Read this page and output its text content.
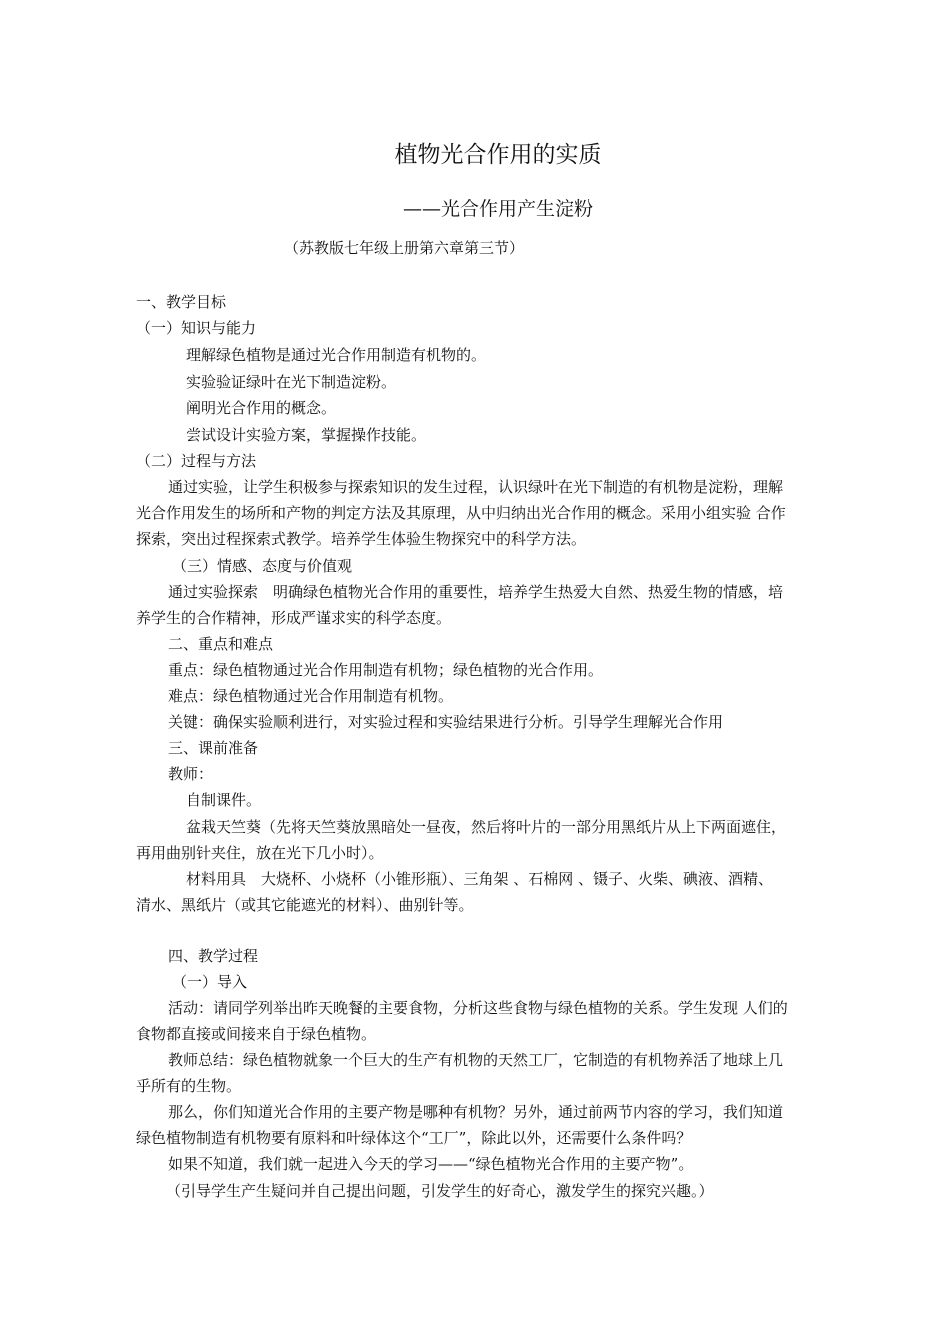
植物光合作用的实质
——光合作用产生淀粉
（苏教版七年级上册第六章第三节）
一、教学目标
（一）知识与能力
理解绿色植物是通过光合作用制造有机物的。
实验验证绿叶在光下制造淀粉。
阐明光合作用的概念。
尝试设计实验方案，掌握操作技能。
（二）过程与方法
通过实验，让学生积极参与探索知识的发生过程，认识绿叶在光下制造的有机物是淀粉，理解
光合作用发生的场所和产物的判定方法及其原理，从中归纳出光合作用的概念。采用小组实验 合作
探索，突出过程探索式教学。培养学生体验生物探究中的科学方法。
（三）情感、态度与价值观
通过实验探索　明确绿色植物光合作用的重要性，培养学生热爱大自然、热爱生物的情感，培
养学生的合作精神，形成严谨求实的科学态度。
二、重点和难点
重点：绿色植物通过光合作用制造有机物；绿色植物的光合作用。
难点：绿色植物通过光合作用制造有机物。
关键：确保实验顺利进行，对实验过程和实验结果进行分析。引导学生理解光合作用
三、课前准备
教师：
自制课件。
盆栽天竺葵（先将天竺葵放黑暗处一昼夜，然后将叶片的一部分用黑纸片从上下两面遮住，
再用曲别针夹住，放在光下几小时）。
材料用具　大烧杯、小烧杯（小锥形瓶）、三角架 、石棉网 、镊子、火柴、碘液、酒精、
清水、黑纸片（或其它能遮光的材料）、曲别针等。
四、教学过程
（一）导入
活动：请同学列举出昨天晚餐的主要食物，分析这些食物与绿色植物的关系。学生发现 人们的
食物都直接或间接来自于绿色植物。
教师总结：绿色植物就象一个巨大的生产有机物的天然工厂，它制造的有机物养活了地球上几
乎所有的生物。
那么，你们知道光合作用的主要产物是哪种有机物？另外，通过前两节内容的学习，我们知道
绿色植物制造有机物要有原料和叶绿体这个“工厂”，除此以外，还需要什么条件吗？
如果不知道，我们就一起进入今天的学习——“绿色植物光合作用的主要产物”。
（引导学生产生疑问并自己提出问题，引发学生的好奇心，激发学生的探究兴趣。）
